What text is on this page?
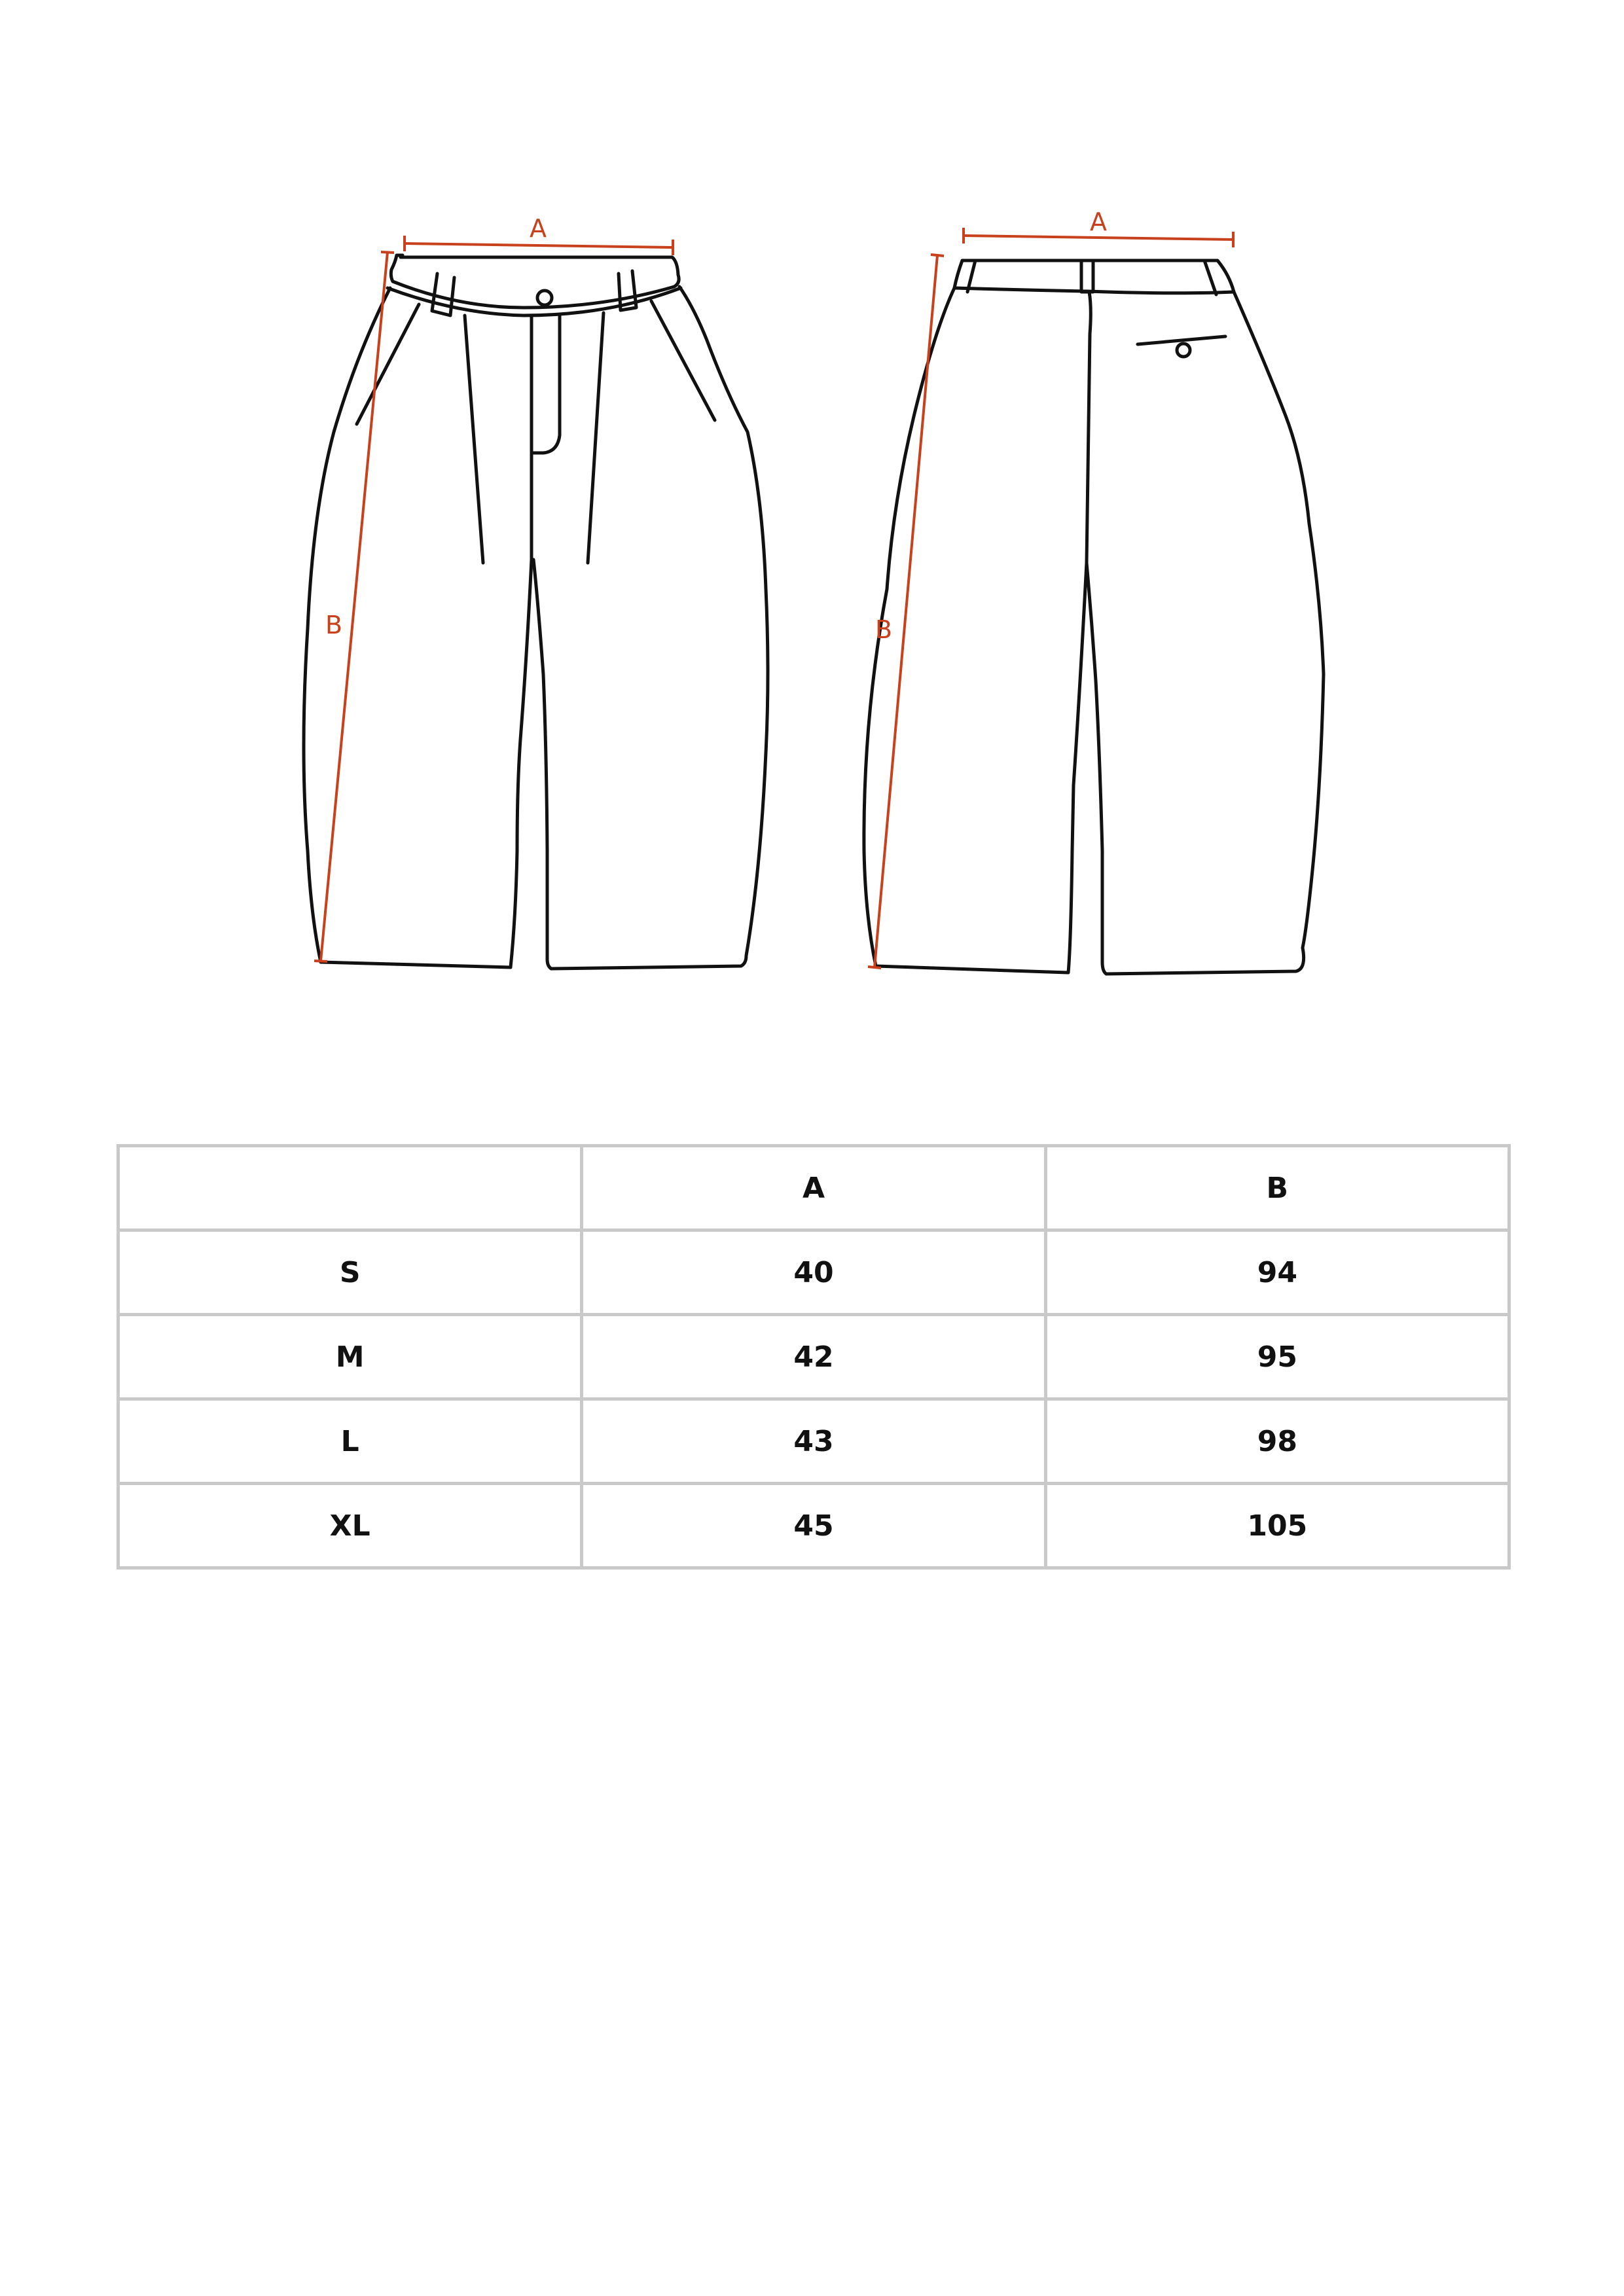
A
B
A
B
	A	B
S	40	94
M	42	95
L	43	98
XL	45	105
